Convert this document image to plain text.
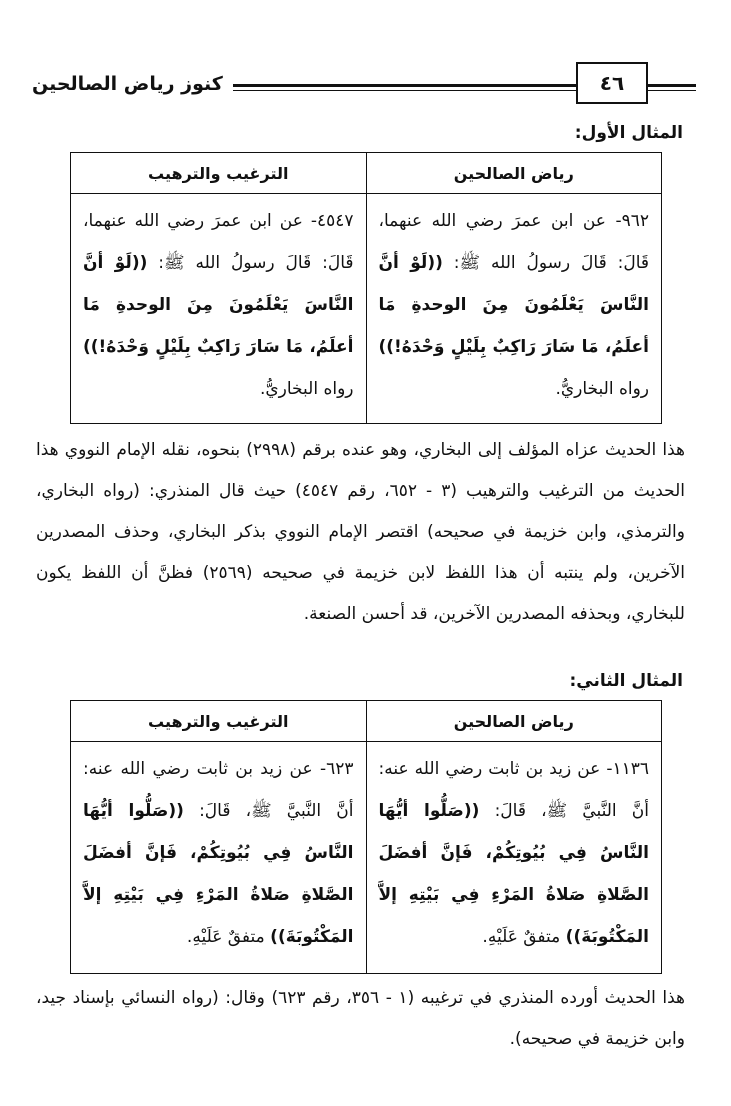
كنوز رياض الصالحين	٤٦
المثال الأول:
رياض الصالحين
الترغيب والترهيب
٩٦٢- عن ابن عمرَ رضي الله عنهما، قَالَ: قَالَ رسولُ الله ﷺ: ((لَوْ أنَّ النَّاسَ يَعْلَمُونَ مِنَ الوحدةِ مَا أعلَمُ، مَا سَارَ رَاكِبٌ بِلَيْلٍ وَحْدَهُ!)) رواه البخاريُّ.
٤٥٤٧- عن ابن عمرَ رضي الله عنهما، قَالَ: قَالَ رسولُ الله ﷺ: ((لَوْ أنَّ النَّاسَ يَعْلَمُونَ مِنَ الوحدةِ مَا أعلَمُ، مَا سَارَ رَاكِبٌ بِلَيْلٍ وَحْدَهُ!)) رواه البخاريُّ.
هذا الحديث عزاه المؤلف إلى البخاري، وهو عنده برقم (٢٩٩٨) بنحوه، نقله الإمام النووي هذا الحديث من الترغيب والترهيب (٣ - ٦٥٢، رقم ٤٥٤٧) حيث قال المنذري: (رواه البخاري، والترمذي، وابن خزيمة في صحيحه) اقتصر الإمام النووي بذكر البخاري، وحذف المصدرين الآخرين، ولم ينتبه أن هذا اللفظ لابن خزيمة في صحيحه (٢٥٦٩) فظنَّ أن اللفظ يكون للبخاري، وبحذفه المصدرين الآخرين، قد أحسن الصنعة.
المثال الثاني:
رياض الصالحين
الترغيب والترهيب
١١٣٦- عن زيد بن ثابت رضي الله عنه: أنَّ النَّبيَّ ﷺ، قَالَ: ((صَلُّوا أيُّهَا النَّاسُ فِي بُيُوتِكُمْ، فَإنَّ أفضَلَ الصَّلاةِ صَلاةُ المَرْءِ فِي بَيْتِهِ إلاَّ المَكْتُوبَةَ)) متفقٌ عَلَيْهِ.
٦٢٣- عن زيد بن ثابت رضي الله عنه: أنَّ النَّبيَّ ﷺ، قَالَ: ((صَلُّوا أيُّهَا النَّاسُ فِي بُيُوتِكُمْ، فَإنَّ أفضَلَ الصَّلاةِ صَلاةُ المَرْءِ فِي بَيْتِهِ إلاَّ المَكْتُوبَةَ)) متفقٌ عَلَيْهِ.
هذا الحديث أورده المنذري في ترغيبه (١ - ٣٥٦، رقم ٦٢٣) وقال: (رواه النسائي بإسناد جيد، وابن خزيمة في صحيحه).
